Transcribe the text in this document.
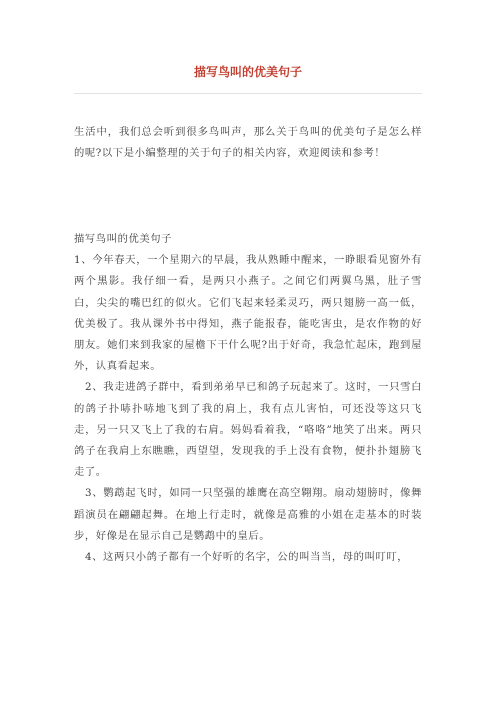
描写鸟叫的优美句子

生活中，我们总会听到很多鸟叫声，那么关于鸟叫的优美句子是怎么样的呢?以下是小编整理的关于句子的相关内容，欢迎阅读和参考！

描写鸟叫的优美句子

1、今年春天，一个星期六的早晨，我从熟睡中醒来，一睁眼看见窗外有两个黑影。我仔细一看，是两只小燕子。之间它们两翼乌黑，肚子雪白，尖尖的嘴巴红的似火。它们飞起来轻柔灵巧，两只翅膀一高一低，优美极了。我从课外书中得知，燕子能报春，能吃害虫，是农作物的好朋友。她们来到我家的屋檐下干什么呢?出于好奇，我急忙起床，跑到屋外，认真看起来。

2、我走进鸽子群中，看到弟弟早已和鸽子玩起来了。这时，一只雪白的鸽子扑哧扑哧地飞到了我的肩上，我有点儿害怕，可还没等这只飞走，另一只又飞上了我的右肩。妈妈看着我，“咯咯”地笑了出来。两只鸽子在我肩上东瞧瞧，西望望，发现我的手上没有食物，便扑扑翅膀飞走了。

3、鹦鹉起飞时，如同一只坚强的雄鹰在高空翱翔。扇动翅膀时，像舞蹈演员在翩翩起舞。在地上行走时，就像是高雅的小姐在走基本的时装步，好像是在显示自己是鹦鹉中的皇后。

4、这两只小鸽子都有一个好听的名字，公的叫当当，母的叫叮叮，
